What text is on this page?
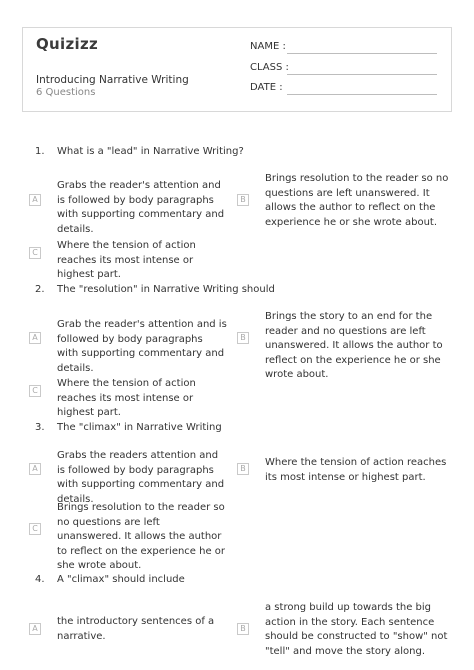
Quizizz
Introducing Narrative Writing
6 Questions
NAME :
CLASS :
DATE :
1. What is a "lead" in Narrative Writing?
A
Grabs the reader's attention and is followed by body paragraphs with supporting commentary and details.
B
Brings resolution to the reader so no questions are left unanswered. It allows the author to reflect on the experience he or she wrote about.
C
Where the tension of action reaches its most intense or highest part.
2. The "resolution" in Narrative Writing should
A
Grab the reader's attention and is followed by body paragraphs with supporting commentary and details.
B
Brings the story to an end for the reader and no questions are left unanswered. It allows the author to reflect on the experience he or she wrote about.
C
Where the tension of action reaches its most intense or highest part.
3. The "climax" in Narrative Writing
A
Grabs the readers attention and is followed by body paragraphs with supporting commentary and details.
B
Where the tension of action reaches its most intense or highest part.
C
Brings resolution to the reader so no questions are left unanswered. It allows the author to reflect on the experience he or she wrote about.
4. A "climax" should include
A
the introductory sentences of a narrative.
B
a strong build up towards the big action in the story. Each sentence should be constructed to "show" not "tell" and move the story along.
